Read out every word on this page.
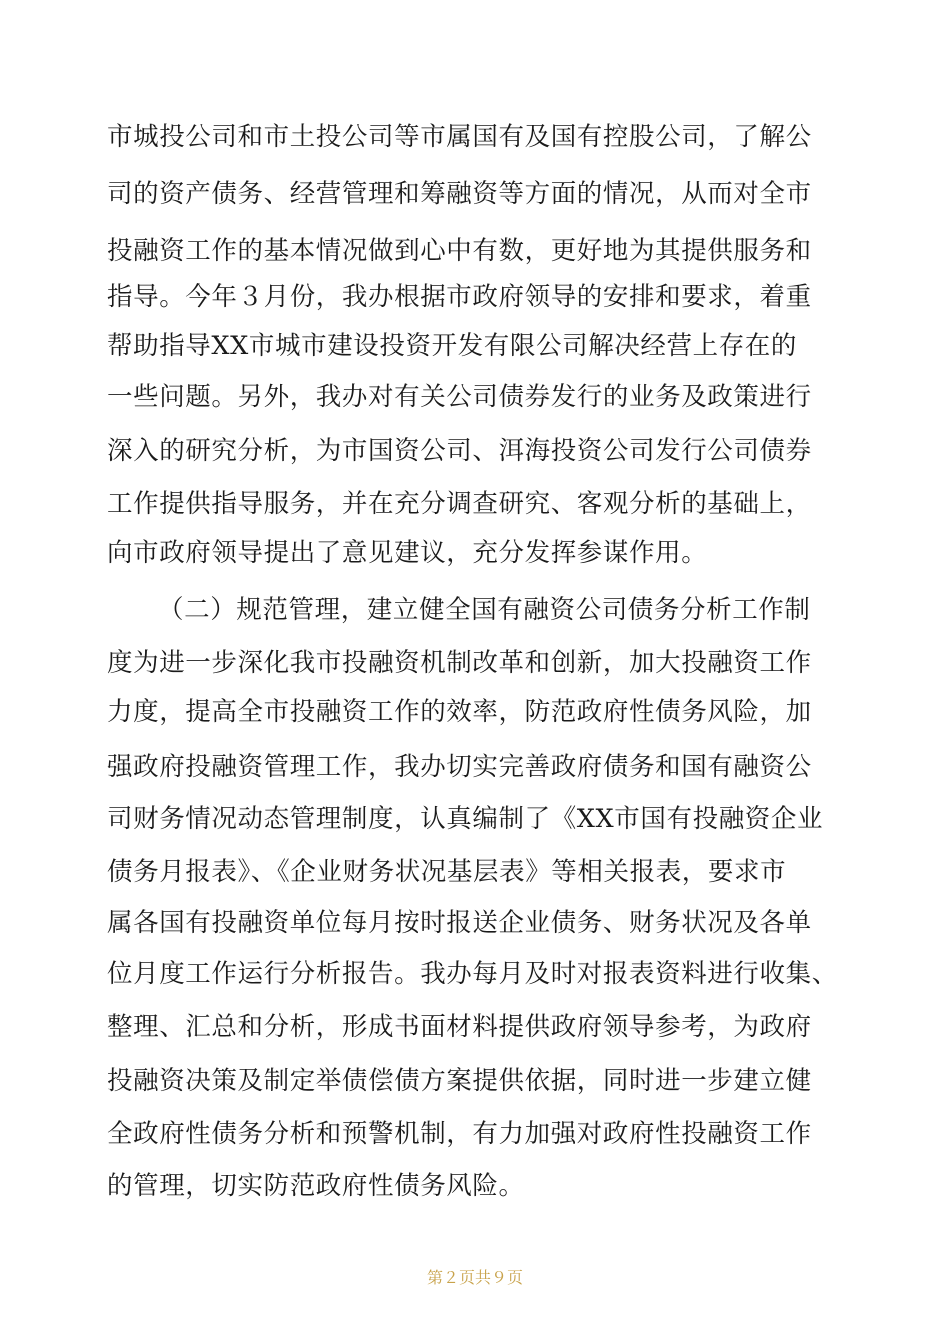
市城投公司和市土投公司等市属国有及国有控股公司，了解公
司的资产债务、经营管理和筹融资等方面的情况，从而对全市
投融资工作的基本情况做到心中有数，更好地为其提供服务和
指导。今年３月份，我办根据市政府领导的安排和要求，着重
帮助指导XX市城市建设投资开发有限公司解决经营上存在的
一些问题。另外，我办对有关公司债券发行的业务及政策进行
深入的研究分析，为市国资公司、洱海投资公司发行公司债券
工作提供指导服务，并在充分调查研究、客观分析的基础上，
向市政府领导提出了意见建议，充分发挥参谋作用。
（二）规范管理，建立健全国有融资公司债务分析工作制
度为进一步深化我市投融资机制改革和创新，加大投融资工作
力度，提高全市投融资工作的效率，防范政府性债务风险，加
强政府投融资管理工作，我办切实完善政府债务和国有融资公
司财务情况动态管理制度，认真编制了《XX市国有投融资企业
债务月报表》、《企业财务状况基层表》等相关报表，要求市
属各国有投融资单位每月按时报送企业债务、财务状况及各单
位月度工作运行分析报告。我办每月及时对报表资料进行收集、
整理、汇总和分析，形成书面材料提供政府领导参考，为政府
投融资决策及制定举债偿债方案提供依据，同时进一步建立健
全政府性债务分析和预警机制，有力加强对政府性投融资工作
的管理，切实防范政府性债务风险。
第２页共９页
